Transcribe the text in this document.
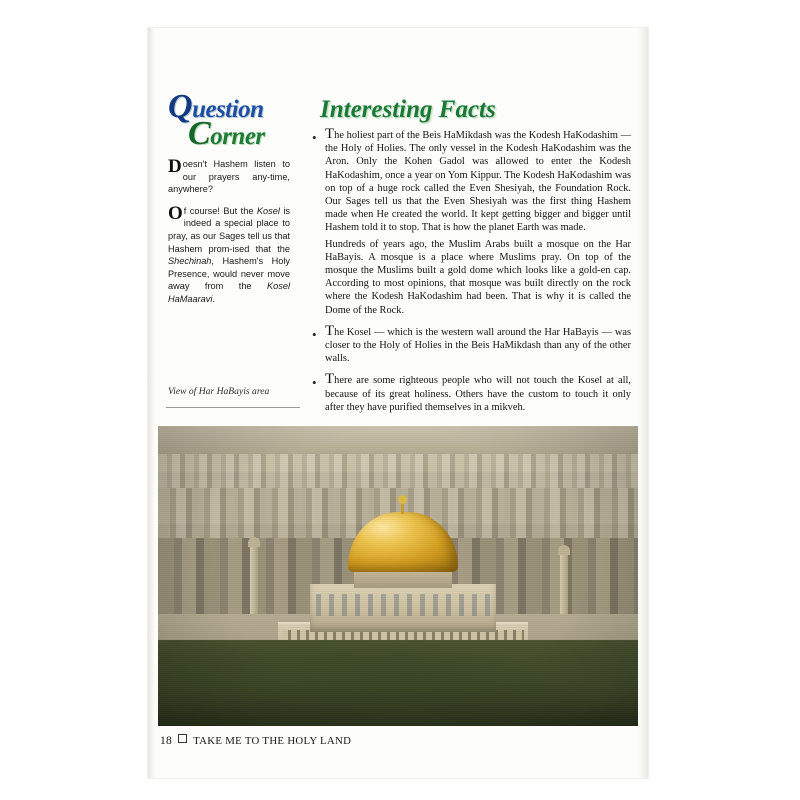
Question
Corner

Doesn't Hashem listen to our prayers any-time, anywhere?

Of course! But the Kosel is indeed a special place to pray, as our Sages tell us that Hashem prom-ised that the Shechinah, Hashem's Holy Presence, would never move away from the Kosel HaMaaravi.

View of Har HaBayis area
Interesting Facts
• The holiest part of the Beis HaMikdash was the Kodesh HaKodashim — the Holy of Holies. The only vessel in the Kodesh HaKodashim was the Aron. Only the Kohen Gadol was allowed to enter the Kodesh HaKodashim, once a year on Yom Kippur. The Kodesh HaKodashim was on top of a huge rock called the Even Shesiyah, the Foundation Rock. Our Sages tell us that the Even Shesiyah was the first thing Hashem made when He created the world. It kept getting bigger and bigger until Hashem told it to stop. That is how the planet Earth was made.

Hundreds of years ago, the Muslim Arabs built a mosque on the Har HaBayis. A mosque is a place where Muslims pray. On top of the mosque the Muslims built a gold dome which looks like a gold-en cap. According to most opinions, that mosque was built directly on the rock where the Kodesh HaKodashim had been. That is why it is called the Dome of the Rock.

• The Kosel — which is the western wall around the Har HaBayis — was closer to the Holy of Holies in the Beis HaMikdash than any of the other walls.

• There are some righteous people who will not touch the Kosel at all, because of its great holiness. Others have the custom to touch it only after they have purified themselves in a mikveh.

18 TAKE ME TO THE HOLY LAND
